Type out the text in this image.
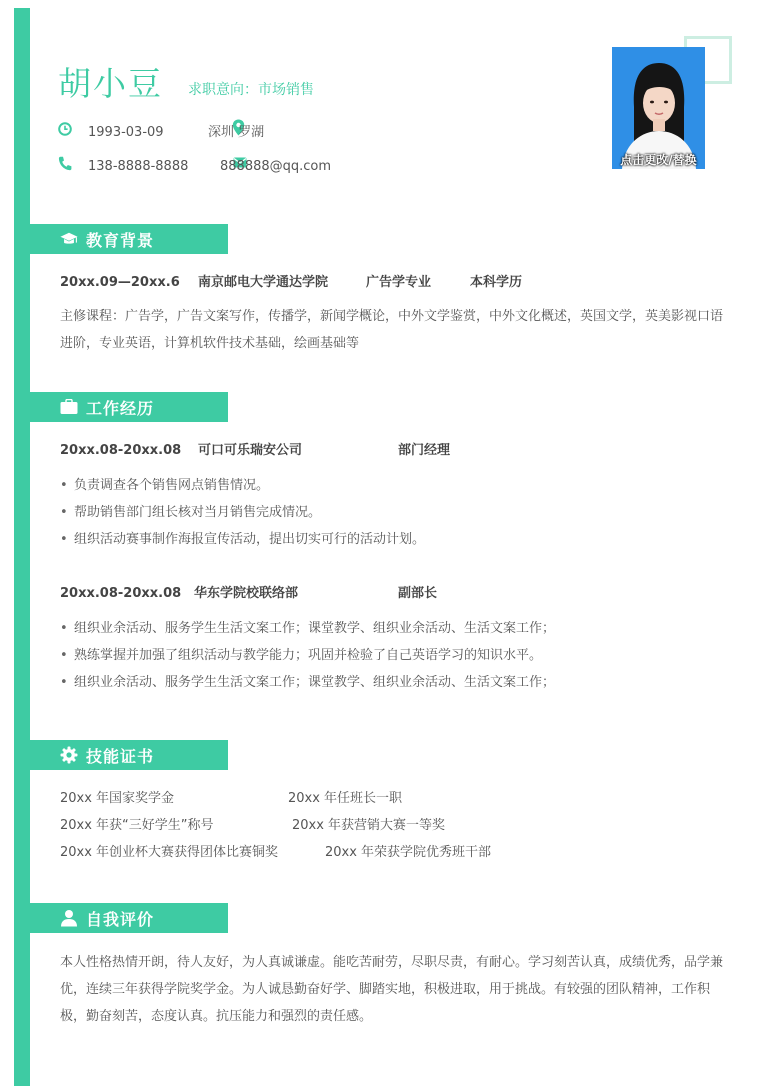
胡小豆 求职意向：市场销售
1993-03-09	深圳 罗湖
138-8888-8888 888888@qq.com	点击更改/替换
教育背景
20xx.09—20xx.6 南京邮电大学通达学院	广告学专业	本科学历
主修课程：广告学，广告文案写作，传播学，新闻学概论，中外文学鉴赏，中外文化概述，英国文学，英美影视口语进阶，专业英语，计算机软件技术基础，绘画基础等
工作经历
20xx.08-20xx.08 可口可乐瑞安公司	部门经理
• 负责调查各个销售网点销售情况。
• 帮助销售部门组长核对当月销售完成情况。
• 组织活动赛事制作海报宣传活动，提出切实可行的活动计划。
20xx.08-20xx.08 华东学院校联络部	副部长
• 组织业余活动、服务学生生活文案工作；课堂教学、组织业余活动、生活文案工作；
• 熟练掌握并加强了组织活动与教学能力；巩固并检验了自己英语学习的知识水平。
• 组织业余活动、服务学生生活文案工作；课堂教学、组织业余活动、生活文案工作；
技能证书
20xx 年国家奖学金	20xx 年任班长一职
20xx 年获“三好学生”称号	20xx 年获营销大赛一等奖
20xx 年创业杯大赛获得团体比赛铜奖	20xx 年荣获学院优秀班干部
自我评价
本人性格热情开朗，待人友好，为人真诚谦虚。能吃苦耐劳，尽职尽责，有耐心。学习刻苦认真，成绩优秀，品学兼优，连续三年获得学院奖学金。为人诚恳勤奋好学、脚踏实地，积极进取，用于挑战。有较强的团队精神，工作积极，勤奋刻苦，态度认真。抗压能力和强烈的责任感。
